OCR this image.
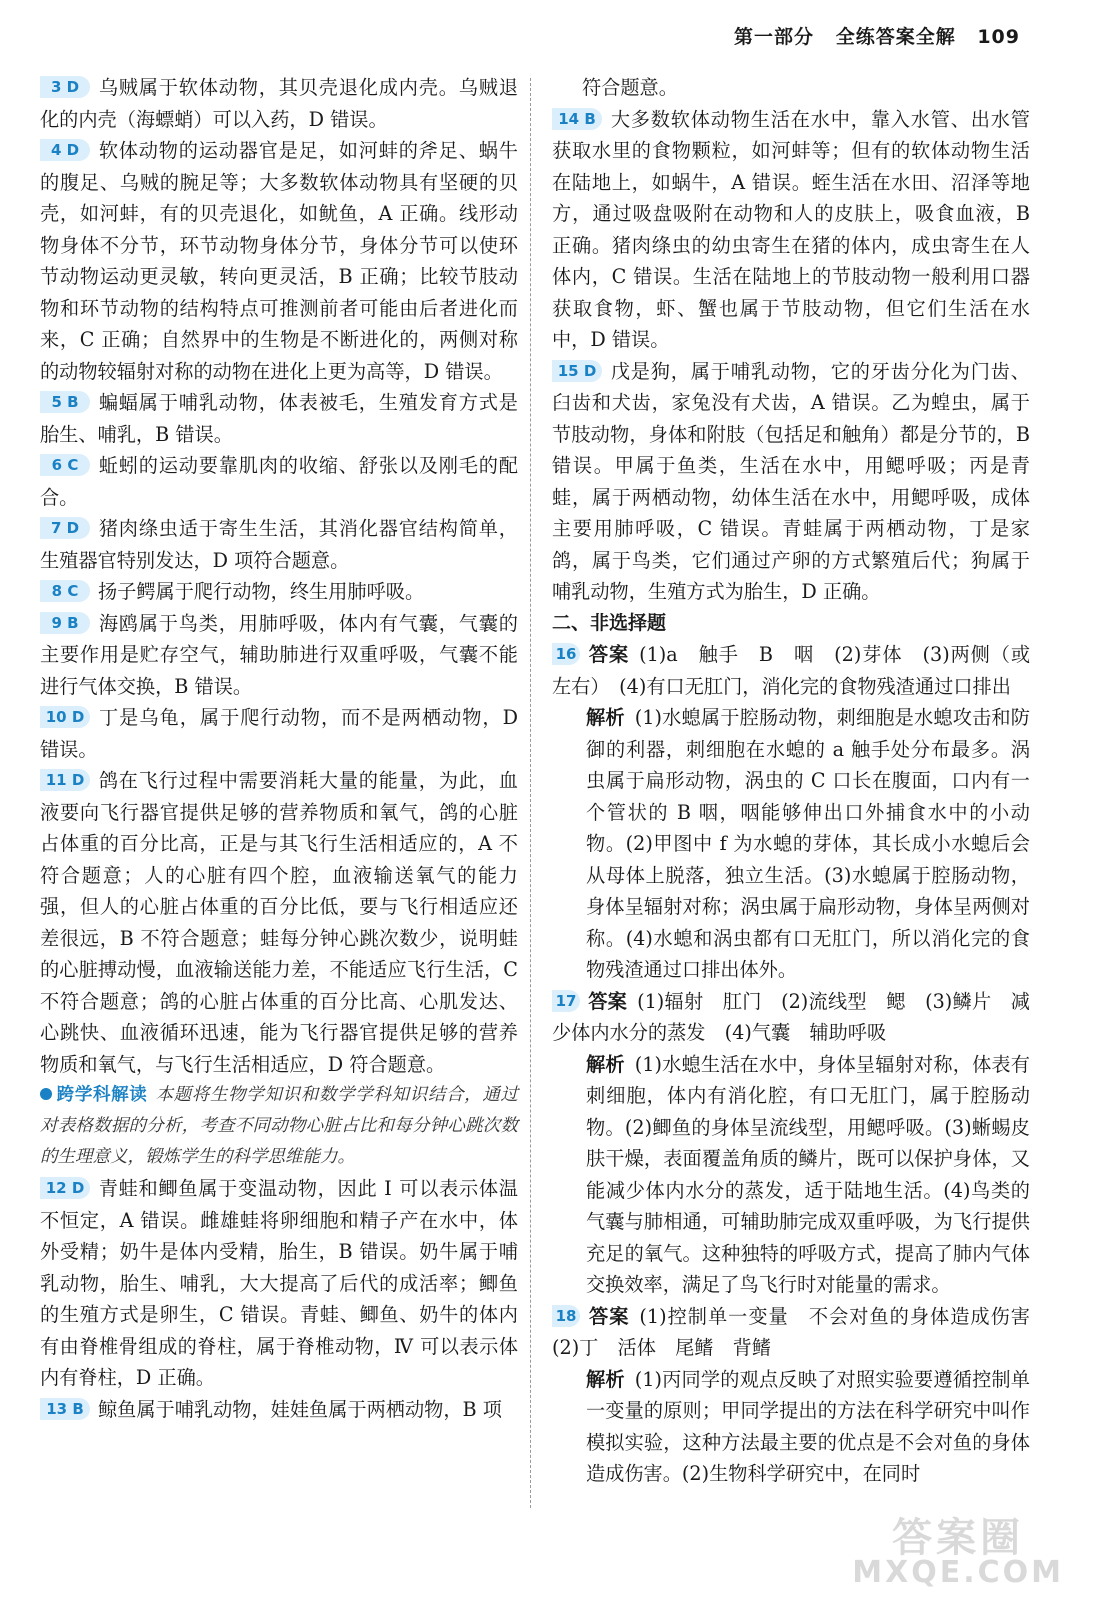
第一部分 全练答案全解 109

3 D 乌贼属于软体动物，其贝壳退化成内壳。乌贼退化的内壳（海螵蛸）可以入药，D 错误。

4 D 软体动物的运动器官是足，如河蚌的斧足、蜗牛的腹足、乌贼的腕足等；大多数软体动物具有坚硬的贝壳，如河蚌，有的贝壳退化，如鱿鱼，A 正确。线形动物身体不分节，环节动物身体分节，身体分节可以使环节动物运动更灵敏，转向更灵活，B 正确；比较节肢动物和环节动物的结构特点可推测前者可能由后者进化而来，C 正确；自然界中的生物是不断进化的，两侧对称的动物较辐射对称的动物在进化上更为高等，D 错误。

5 B 蝙蝠属于哺乳动物，体表被毛，生殖发育方式是胎生、哺乳，B 错误。

6 C 蚯蚓的运动要靠肌肉的收缩、舒张以及刚毛的配合。

7 D 猪肉绦虫适于寄生生活，其消化器官结构简单，生殖器官特别发达，D 项符合题意。

8 C 扬子鳄属于爬行动物，终生用肺呼吸。

9 B 海鸥属于鸟类，用肺呼吸，体内有气囊，气囊的主要作用是贮存空气，辅助肺进行双重呼吸，气囊不能进行气体交换，B 错误。

10 D 丁是乌龟，属于爬行动物，而不是两栖动物，D 错误。

11 D 鸽在飞行过程中需要消耗大量的能量，为此，血液要向飞行器官提供足够的营养物质和氧气，鸽的心脏占体重的百分比高，正是与其飞行生活相适应的，A 不符合题意；人的心脏有四个腔，血液输送氧气的能力强，但人的心脏占体重的百分比低，要与飞行相适应还差很远，B 不符合题意；蛙每分钟心跳次数少，说明蛙的心脏搏动慢，血液输送能力差，不能适应飞行生活，C 不符合题意；鸽的心脏占体重的百分比高、心肌发达、心跳快、血液循环迅速，能为飞行器官提供足够的营养物质和氧气，与飞行生活相适应，D 符合题意。

跨学科解读 本题将生物学知识和数学学科知识结合，通过对表格数据的分析，考查不同动物心脏占比和每分钟心跳次数的生理意义，锻炼学生的科学思维能力。

12 D 青蛙和鲫鱼属于变温动物，因此 Ⅰ 可以表示体温不恒定，A 错误。雌雄蛙将卵细胞和精子产在水中，体外受精；奶牛是体内受精，胎生，B 错误。奶牛属于哺乳动物，胎生、哺乳，大大提高了后代的成活率；鲫鱼的生殖方式是卵生，C 错误。青蛙、鲫鱼、奶牛的体内有由脊椎骨组成的脊柱，属于脊椎动物，Ⅳ 可以表示体内有脊柱，D 正确。

13 B 鲸鱼属于哺乳动物，娃娃鱼属于两栖动物，B 项

符合题意。

14 B 大多数软体动物生活在水中，靠入水管、出水管获取水里的食物颗粒，如河蚌等；但有的软体动物生活在陆地上，如蜗牛，A 错误。蛭生活在水田、沼泽等地方，通过吸盘吸附在动物和人的皮肤上，吸食血液，B 正确。猪肉绦虫的幼虫寄生在猪的体内，成虫寄生在人体内，C 错误。生活在陆地上的节肢动物一般利用口器获取食物，虾、蟹也属于节肢动物，但它们生活在水中，D 错误。

15 D 戊是狗，属于哺乳动物，它的牙齿分化为门齿、臼齿和犬齿，家兔没有犬齿，A 错误。乙为蝗虫，属于节肢动物，身体和附肢（包括足和触角）都是分节的，B 错误。甲属于鱼类，生活在水中，用鳃呼吸；丙是青蛙，属于两栖动物，幼体生活在水中，用鳃呼吸，成体主要用肺呼吸，C 错误。青蛙属于两栖动物，丁是家鸽，属于鸟类，它们通过产卵的方式繁殖后代；狗属于哺乳动物，生殖方式为胎生，D 正确。

二、非选择题

16 答案 (1)a　触手　B　咽　(2)芽体　(3)两侧（或左右）　(4)有口无肛门，消化完的食物残渣通过口排出

解析 (1)水螅属于腔肠动物，刺细胞是水螅攻击和防御的利器，刺细胞在水螅的 a 触手处分布最多。涡虫属于扁形动物，涡虫的 C 口长在腹面，口内有一个管状的 B 咽，咽能够伸出口外捕食水中的小动物。(2)甲图中 f 为水螅的芽体，其长成小水螅后会从母体上脱落，独立生活。(3)水螅属于腔肠动物，身体呈辐射对称；涡虫属于扁形动物，身体呈两侧对称。(4)水螅和涡虫都有口无肛门，所以消化完的食物残渣通过口排出体外。

17 答案 (1)辐射　肛门　(2)流线型　鳃　(3)鳞片　减少体内水分的蒸发　(4)气囊　辅助呼吸

解析 (1)水螅生活在水中，身体呈辐射对称，体表有刺细胞，体内有消化腔，有口无肛门，属于腔肠动物。(2)鲫鱼的身体呈流线型，用鳃呼吸。(3)蜥蜴皮肤干燥，表面覆盖角质的鳞片，既可以保护身体，又能减少体内水分的蒸发，适于陆地生活。(4)鸟类的气囊与肺相通，可辅助肺完成双重呼吸，为飞行提供充足的氧气。这种独特的呼吸方式，提高了肺内气体交换效率，满足了鸟飞行时对能量的需求。

18 答案 (1)控制单一变量　不会对鱼的身体造成伤害　(2)丁　活体　尾鳍　背鳍

解析 (1)丙同学的观点反映了对照实验要遵循控制单一变量的原则；甲同学提出的方法在科学研究中叫作模拟实验，这种方法最主要的优点是不会对鱼的身体造成伤害。(2)生物科学研究中，在同时

答案圈
MXQE.COM
